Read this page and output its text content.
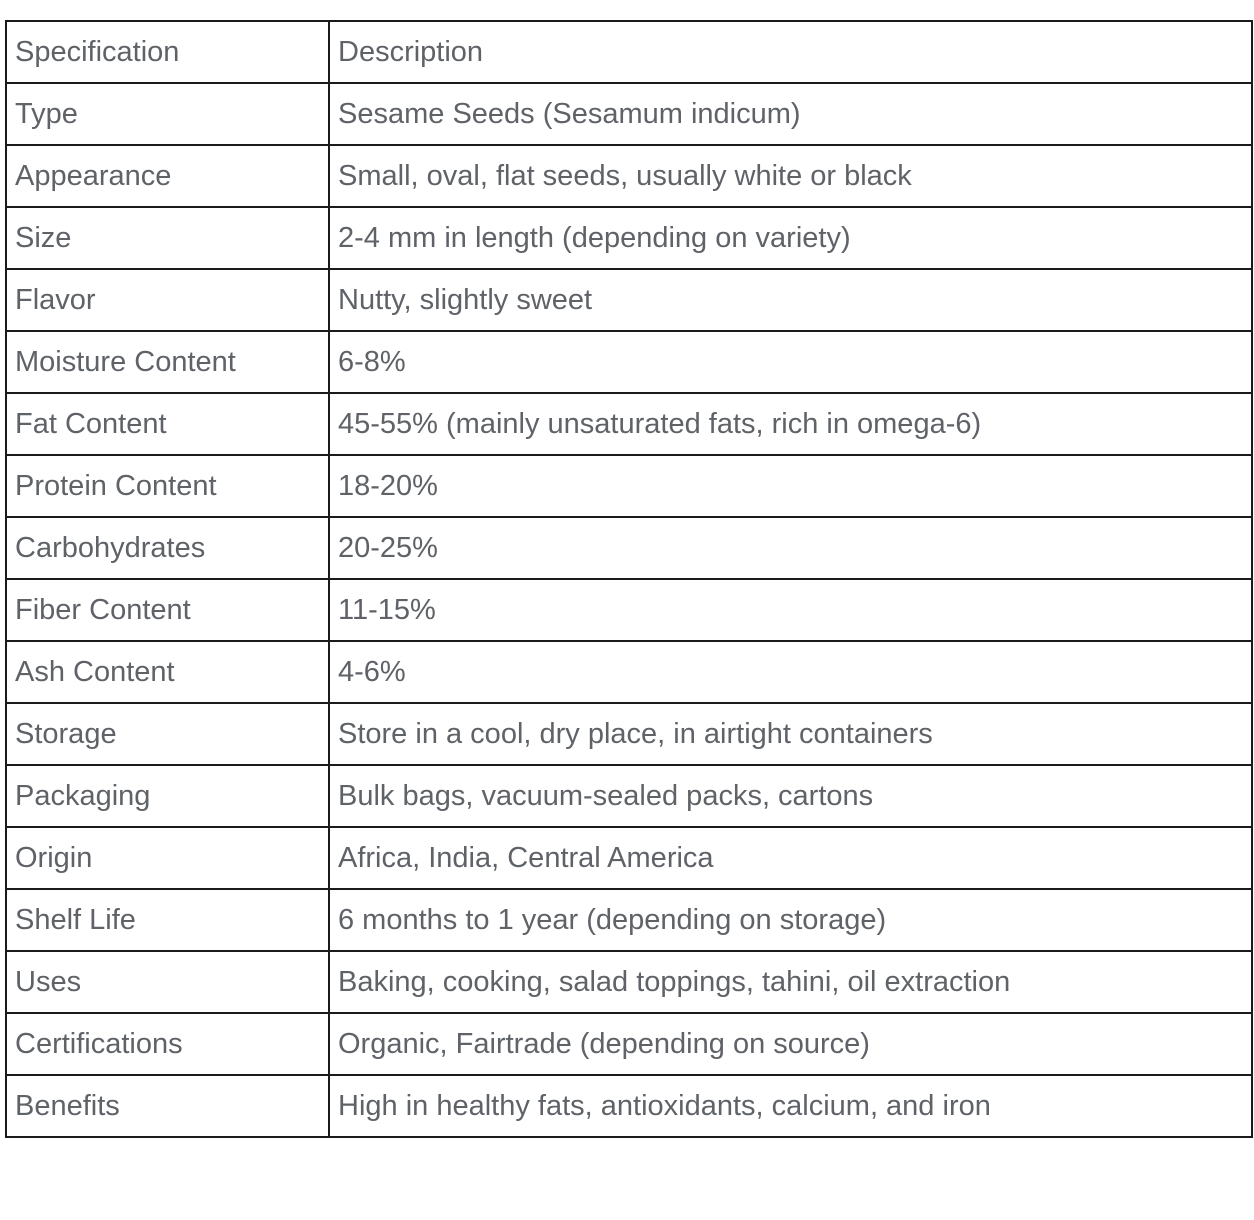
Specification	Description
Type	Sesame Seeds (Sesamum indicum)
Appearance	Small, oval, flat seeds, usually white or black
Size	2-4 mm in length (depending on variety)
Flavor	Nutty, slightly sweet
Moisture Content	6-8%
Fat Content	45-55% (mainly unsaturated fats, rich in omega-6)
Protein Content	18-20%
Carbohydrates	20-25%
Fiber Content	11-15%
Ash Content	4-6%
Storage	Store in a cool, dry place, in airtight containers
Packaging	Bulk bags, vacuum-sealed packs, cartons
Origin	Africa, India, Central America
Shelf Life	6 months to 1 year (depending on storage)
Uses	Baking, cooking, salad toppings, tahini, oil extraction
Certifications	Organic, Fairtrade (depending on source)
Benefits	High in healthy fats, antioxidants, calcium, and iron
